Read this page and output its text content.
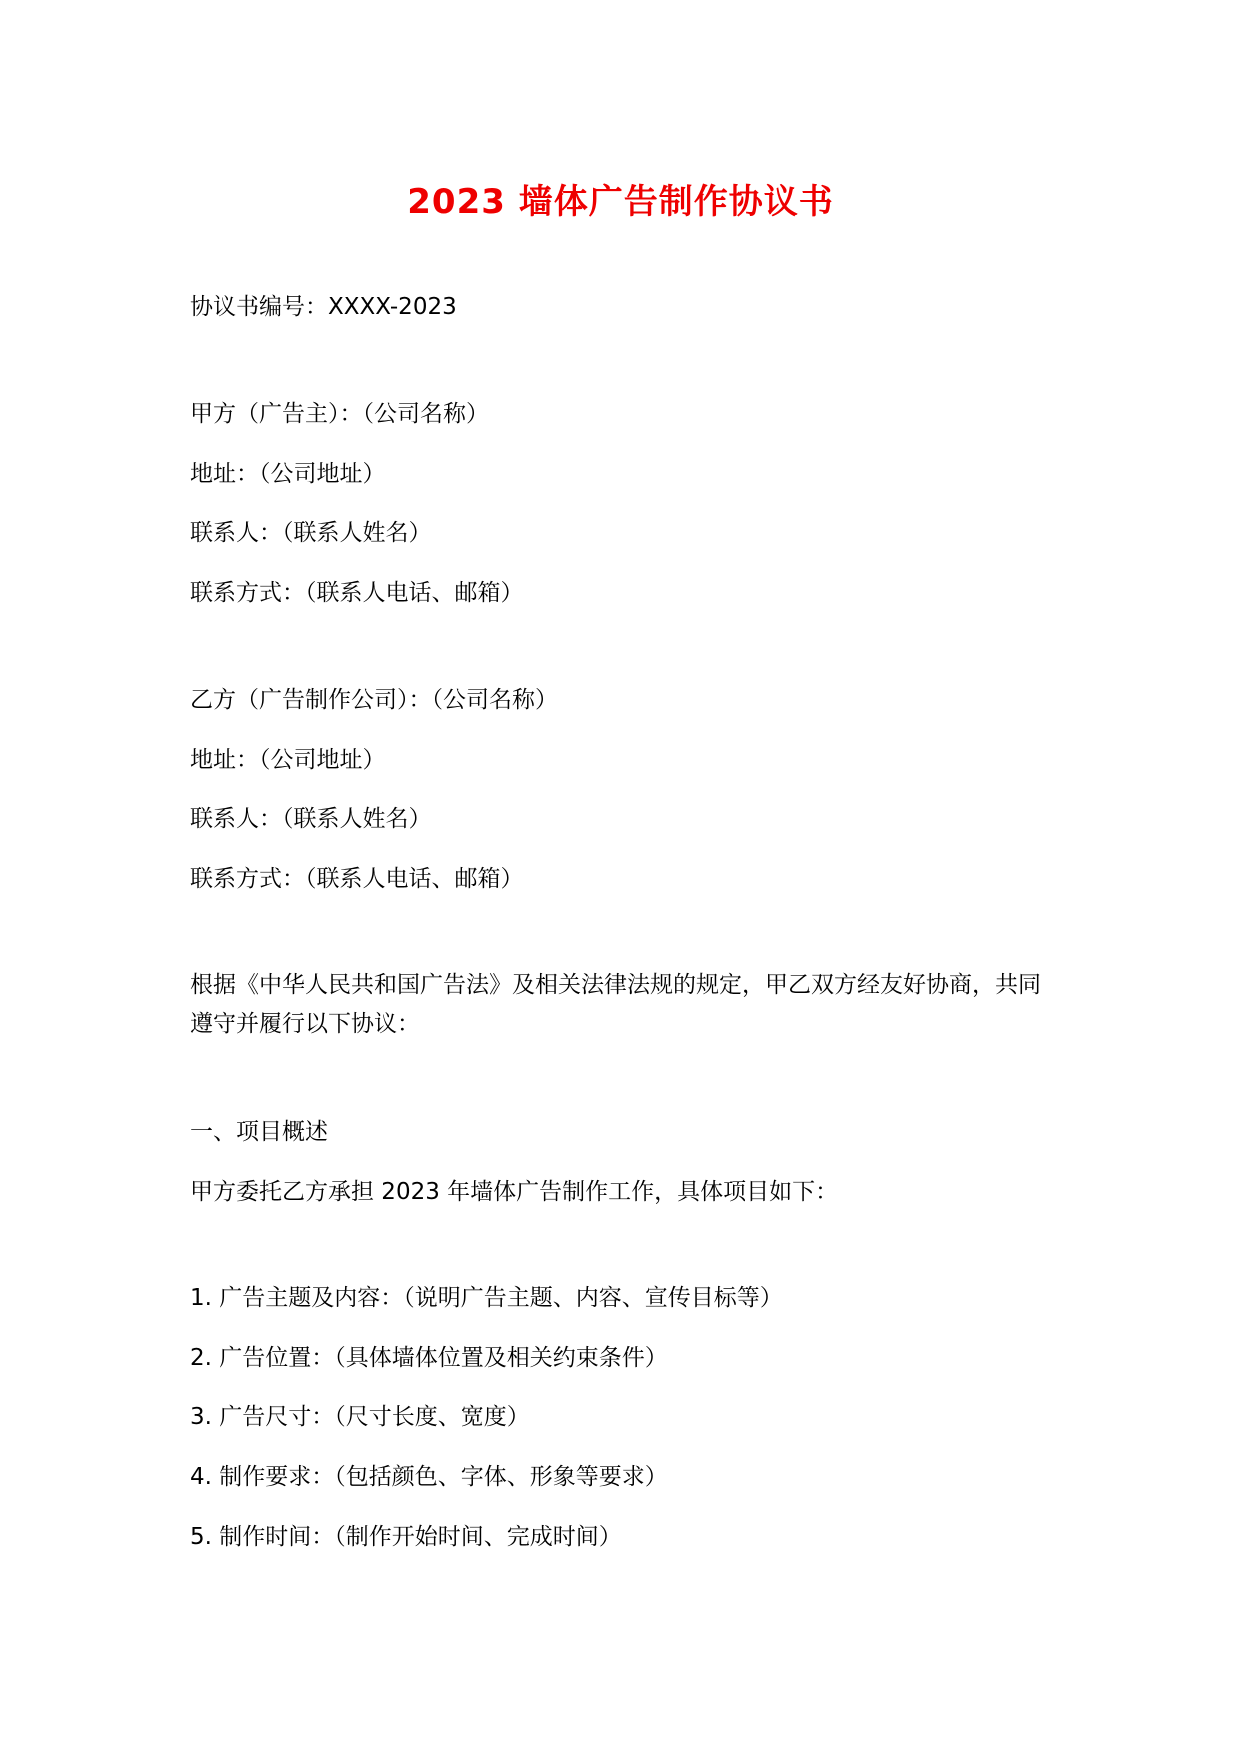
2023 墙体广告制作协议书
协议书编号：XXXX-2023
甲方（广告主）：（公司名称）
地址：（公司地址）
联系人：（联系人姓名）
联系方式：（联系人电话、邮箱）
乙方（广告制作公司）：（公司名称）
地址：（公司地址）
联系人：（联系人姓名）
联系方式：（联系人电话、邮箱）
根据《中华人民共和国广告法》及相关法律法规的规定，甲乙双方经友好协商，共同
遵守并履行以下协议：
一、项目概述
甲方委托乙方承担 2023 年墙体广告制作工作，具体项目如下：
1. 广告主题及内容：（说明广告主题、内容、宣传目标等）
2. 广告位置：（具体墙体位置及相关约束条件）
3. 广告尺寸：（尺寸长度、宽度）
4. 制作要求：（包括颜色、字体、形象等要求）
5. 制作时间：（制作开始时间、完成时间）
